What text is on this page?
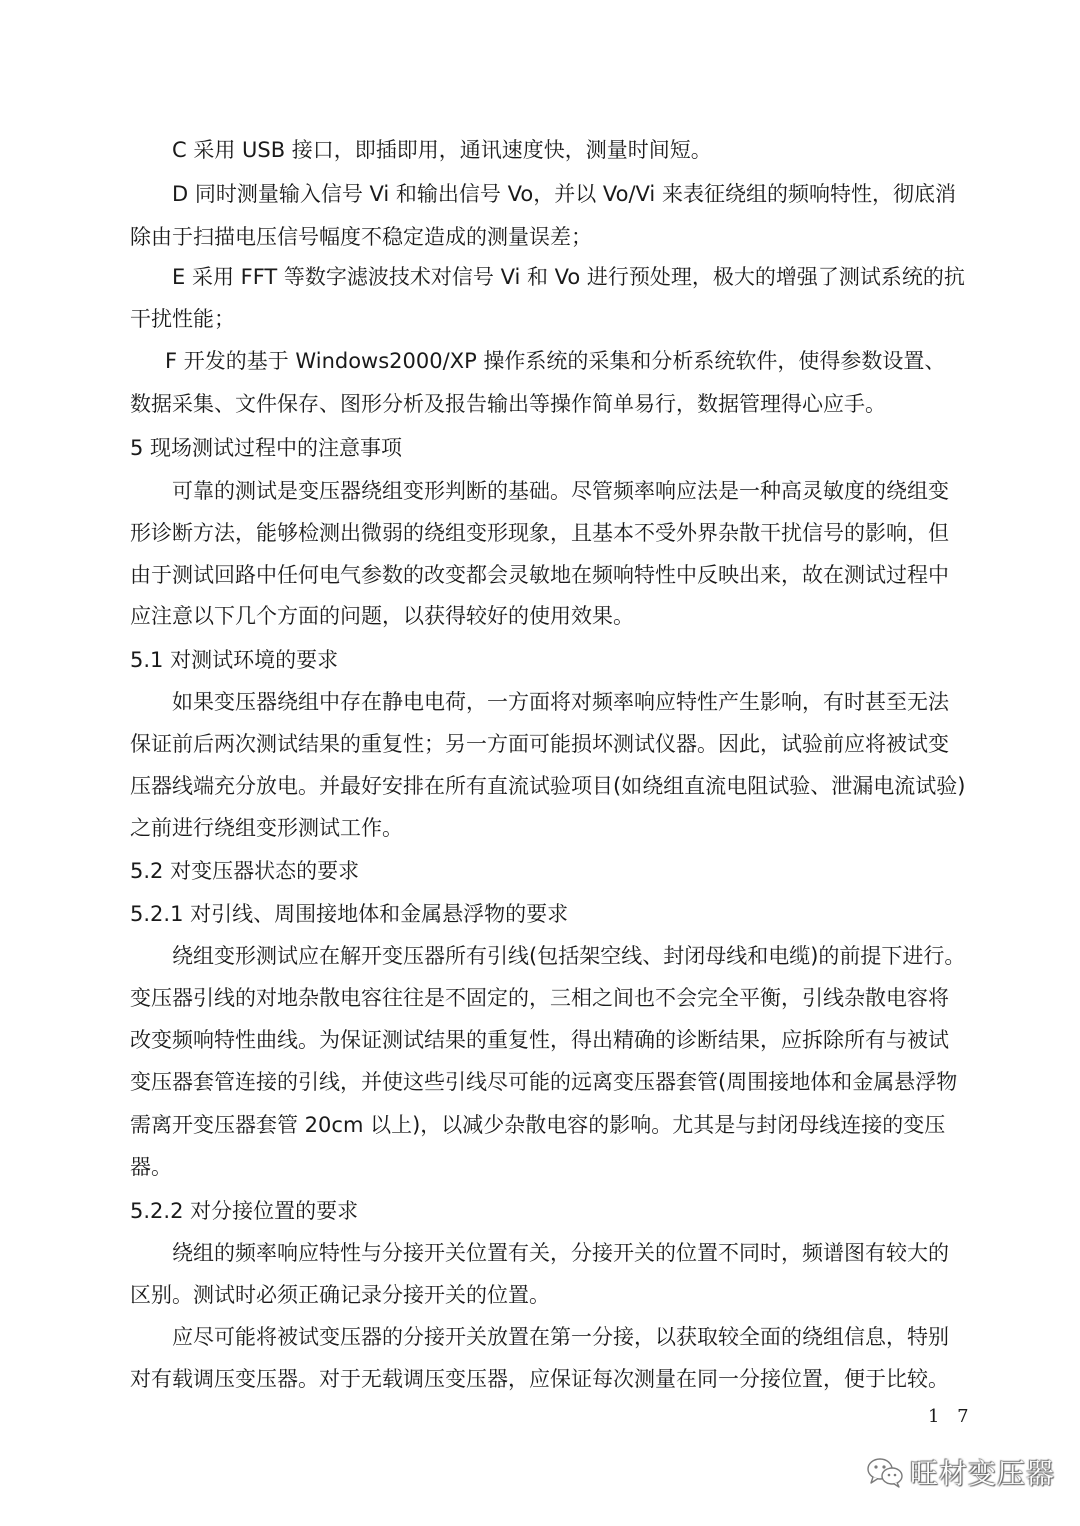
C 采用 USB 接口，即插即用，通讯速度快，测量时间短。
D 同时测量输入信号 Vi 和输出信号 Vo，并以 Vo/Vi 来表征绕组的频响特性，彻底消
除由于扫描电压信号幅度不稳定造成的测量误差；
E 采用 FFT 等数字滤波技术对信号 Vi 和 Vo 进行预处理，极大的增强了测试系统的抗
干扰性能；
F 开发的基于 Windows2000/XP 操作系统的采集和分析系统软件，使得参数设置、
数据采集、文件保存、图形分析及报告输出等操作简单易行，数据管理得心应手。
5 现场测试过程中的注意事项
可靠的测试是变压器绕组变形判断的基础。尽管频率响应法是一种高灵敏度的绕组变
形诊断方法，能够检测出微弱的绕组变形现象，且基本不受外界杂散干扰信号的影响，但
由于测试回路中任何电气参数的改变都会灵敏地在频响特性中反映出来，故在测试过程中
应注意以下几个方面的问题，以获得较好的使用效果。
5.1 对测试环境的要求
如果变压器绕组中存在静电电荷，一方面将对频率响应特性产生影响，有时甚至无法
保证前后两次测试结果的重复性；另一方面可能损坏测试仪器。因此，试验前应将被试变
压器线端充分放电。并最好安排在所有直流试验项目(如绕组直流电阻试验、泄漏电流试验)
之前进行绕组变形测试工作。
5.2 对变压器状态的要求
5.2.1 对引线、周围接地体和金属悬浮物的要求
绕组变形测试应在解开变压器所有引线(包括架空线、封闭母线和电缆)的前提下进行。
变压器引线的对地杂散电容往往是不固定的，三相之间也不会完全平衡，引线杂散电容将
改变频响特性曲线。为保证测试结果的重复性，得出精确的诊断结果，应拆除所有与被试
变压器套管连接的引线，并使这些引线尽可能的远离变压器套管(周围接地体和金属悬浮物
需离开变压器套管 20cm 以上)，以减少杂散电容的影响。尤其是与封闭母线连接的变压
器。
5.2.2 对分接位置的要求
绕组的频率响应特性与分接开关位置有关，分接开关的位置不同时，频谱图有较大的
区别。测试时必须正确记录分接开关的位置。
应尽可能将被试变压器的分接开关放置在第一分接，以获取较全面的绕组信息，特别
对有载调压变压器。对于无载调压变压器，应保证每次测量在同一分接位置，便于比较。
1 7
旺材变压器
